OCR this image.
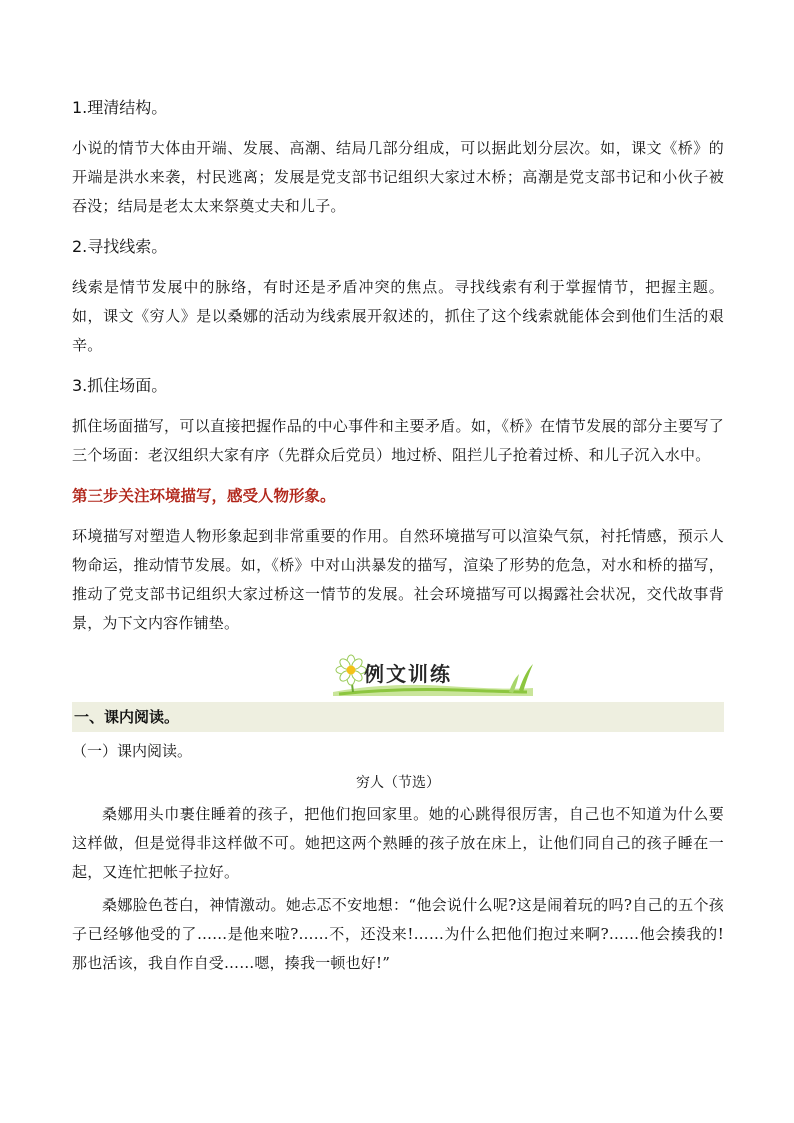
1.理清结构。

小说的情节大体由开端、发展、高潮、结局几部分组成，可以据此划分层次。如，课文《桥》的开端是洪水来袭，村民逃离；发展是党支部书记组织大家过木桥；高潮是党支部书记和小伙子被吞没；结局是老太太来祭奠丈夫和儿子。

2.寻找线索。

线索是情节发展中的脉络，有时还是矛盾冲突的焦点。寻找线索有利于掌握情节，把握主题。如，课文《穷人》是以桑娜的活动为线索展开叙述的，抓住了这个线索就能体会到他们生活的艰辛。

3.抓住场面。

抓住场面描写，可以直接把握作品的中心事件和主要矛盾。如，《桥》在情节发展的部分主要写了三个场面：老汉组织大家有序（先群众后党员）地过桥、阻拦儿子抢着过桥、和儿子沉入水中。

第三步关注环境描写，感受人物形象。

环境描写对塑造人物形象起到非常重要的作用。自然环境描写可以渲染气氛，衬托情感，预示人物命运，推动情节发展。如，《桥》中对山洪暴发的描写，渲染了形势的危急，对水和桥的描写，推动了党支部书记组织大家过桥这一情节的发展。社会环境描写可以揭露社会状况，交代故事背景，为下文内容作铺垫。

例文训练
一、课内阅读。
（一）课内阅读。
穷人（节选）

桑娜用头巾裹住睡着的孩子，把他们抱回家里。她的心跳得很厉害，自己也不知道为什么要这样做，但是觉得非这样做不可。她把这两个熟睡的孩子放在床上，让他们同自己的孩子睡在一起，又连忙把帐子拉好。

桑娜脸色苍白，神情激动。她忐忑不安地想：“他会说什么呢?这是闹着玩的吗?自己的五个孩子已经够他受的了……是他来啦?……不，还没来!……为什么把他们抱过来啊?……他会揍我的!那也活该，我自作自受……嗯，揍我一顿也好!”
